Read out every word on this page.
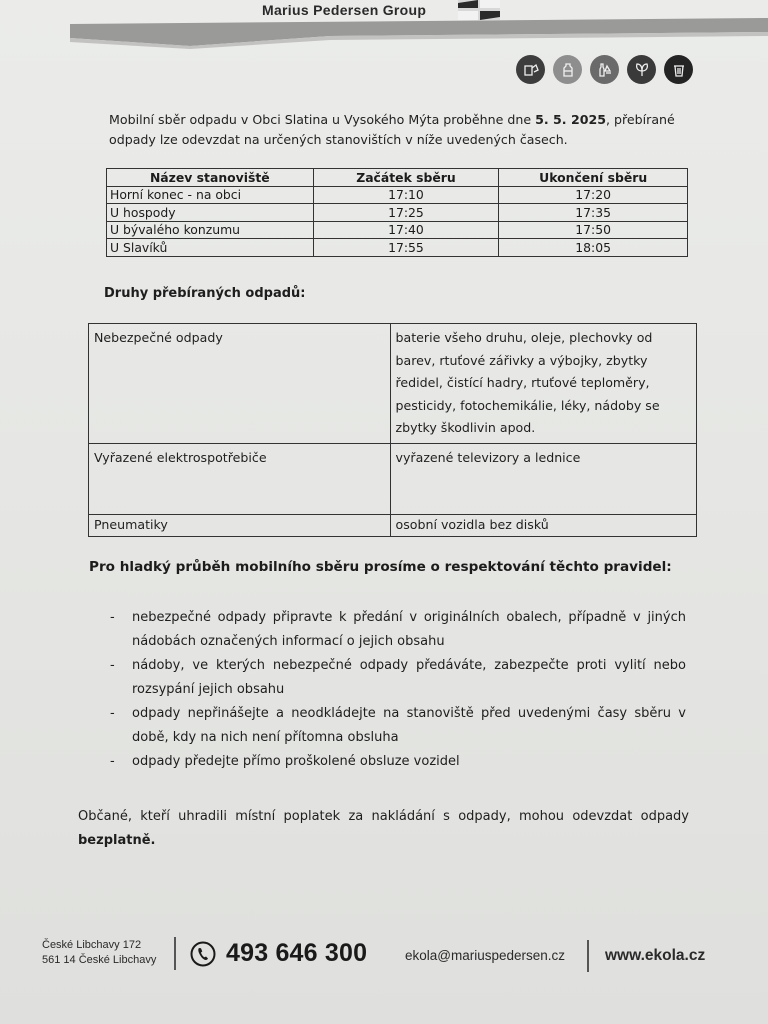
Marius Pedersen Group

Mobilní sběr odpadu v Obci Slatina u Vysokého Mýta proběhne dne 5. 5. 2025, přebírané odpady lze odevzdat na určených stanovištích v níže uvedených časech.

Název stanoviště	Začátek sběru	Ukončení sběru
Horní konec - na obci	17:10	17:20
U hospody	17:25	17:35
U bývalého konzumu	17:40	17:50
U Slavíků	17:55	18:05
Druhy přebíraných odpadů:
Nebezpečné odpady	baterie všeho druhu, oleje, plechovky od barev, rtuťové zářivky a výbojky, zbytky ředidel, čistící hadry, rtuťové teploměry, pesticidy, fotochemikálie, léky, nádoby se zbytky škodlivin apod.
Vyřazené elektrospotřebiče	vyřazené televizory a lednice
Pneumatiky	osobní vozidla bez disků
Pro hladký průběh mobilního sběru prosíme o respektování těchto pravidel:
- nebezpečné odpady připravte k předání v originálních obalech, případně v jiných nádobách označených informací o jejich obsahu
- nádoby, ve kterých nebezpečné odpady předáváte, zabezpečte proti vylití nebo rozsypání jejich obsahu
- odpady nepřinášejte a neodkládejte na stanoviště před uvedenými časy sběru v době, kdy na nich není přítomna obsluha
- odpady předejte přímo proškolené obsluze vozidel

Občané, kteří uhradili místní poplatek za nakládání s odpady, mohou odevzdat odpady bezplatně.

České Libchavy 172
561 14 České Libchavy	493 646 300	ekola@mariuspedersen.cz	www.ekola.cz
